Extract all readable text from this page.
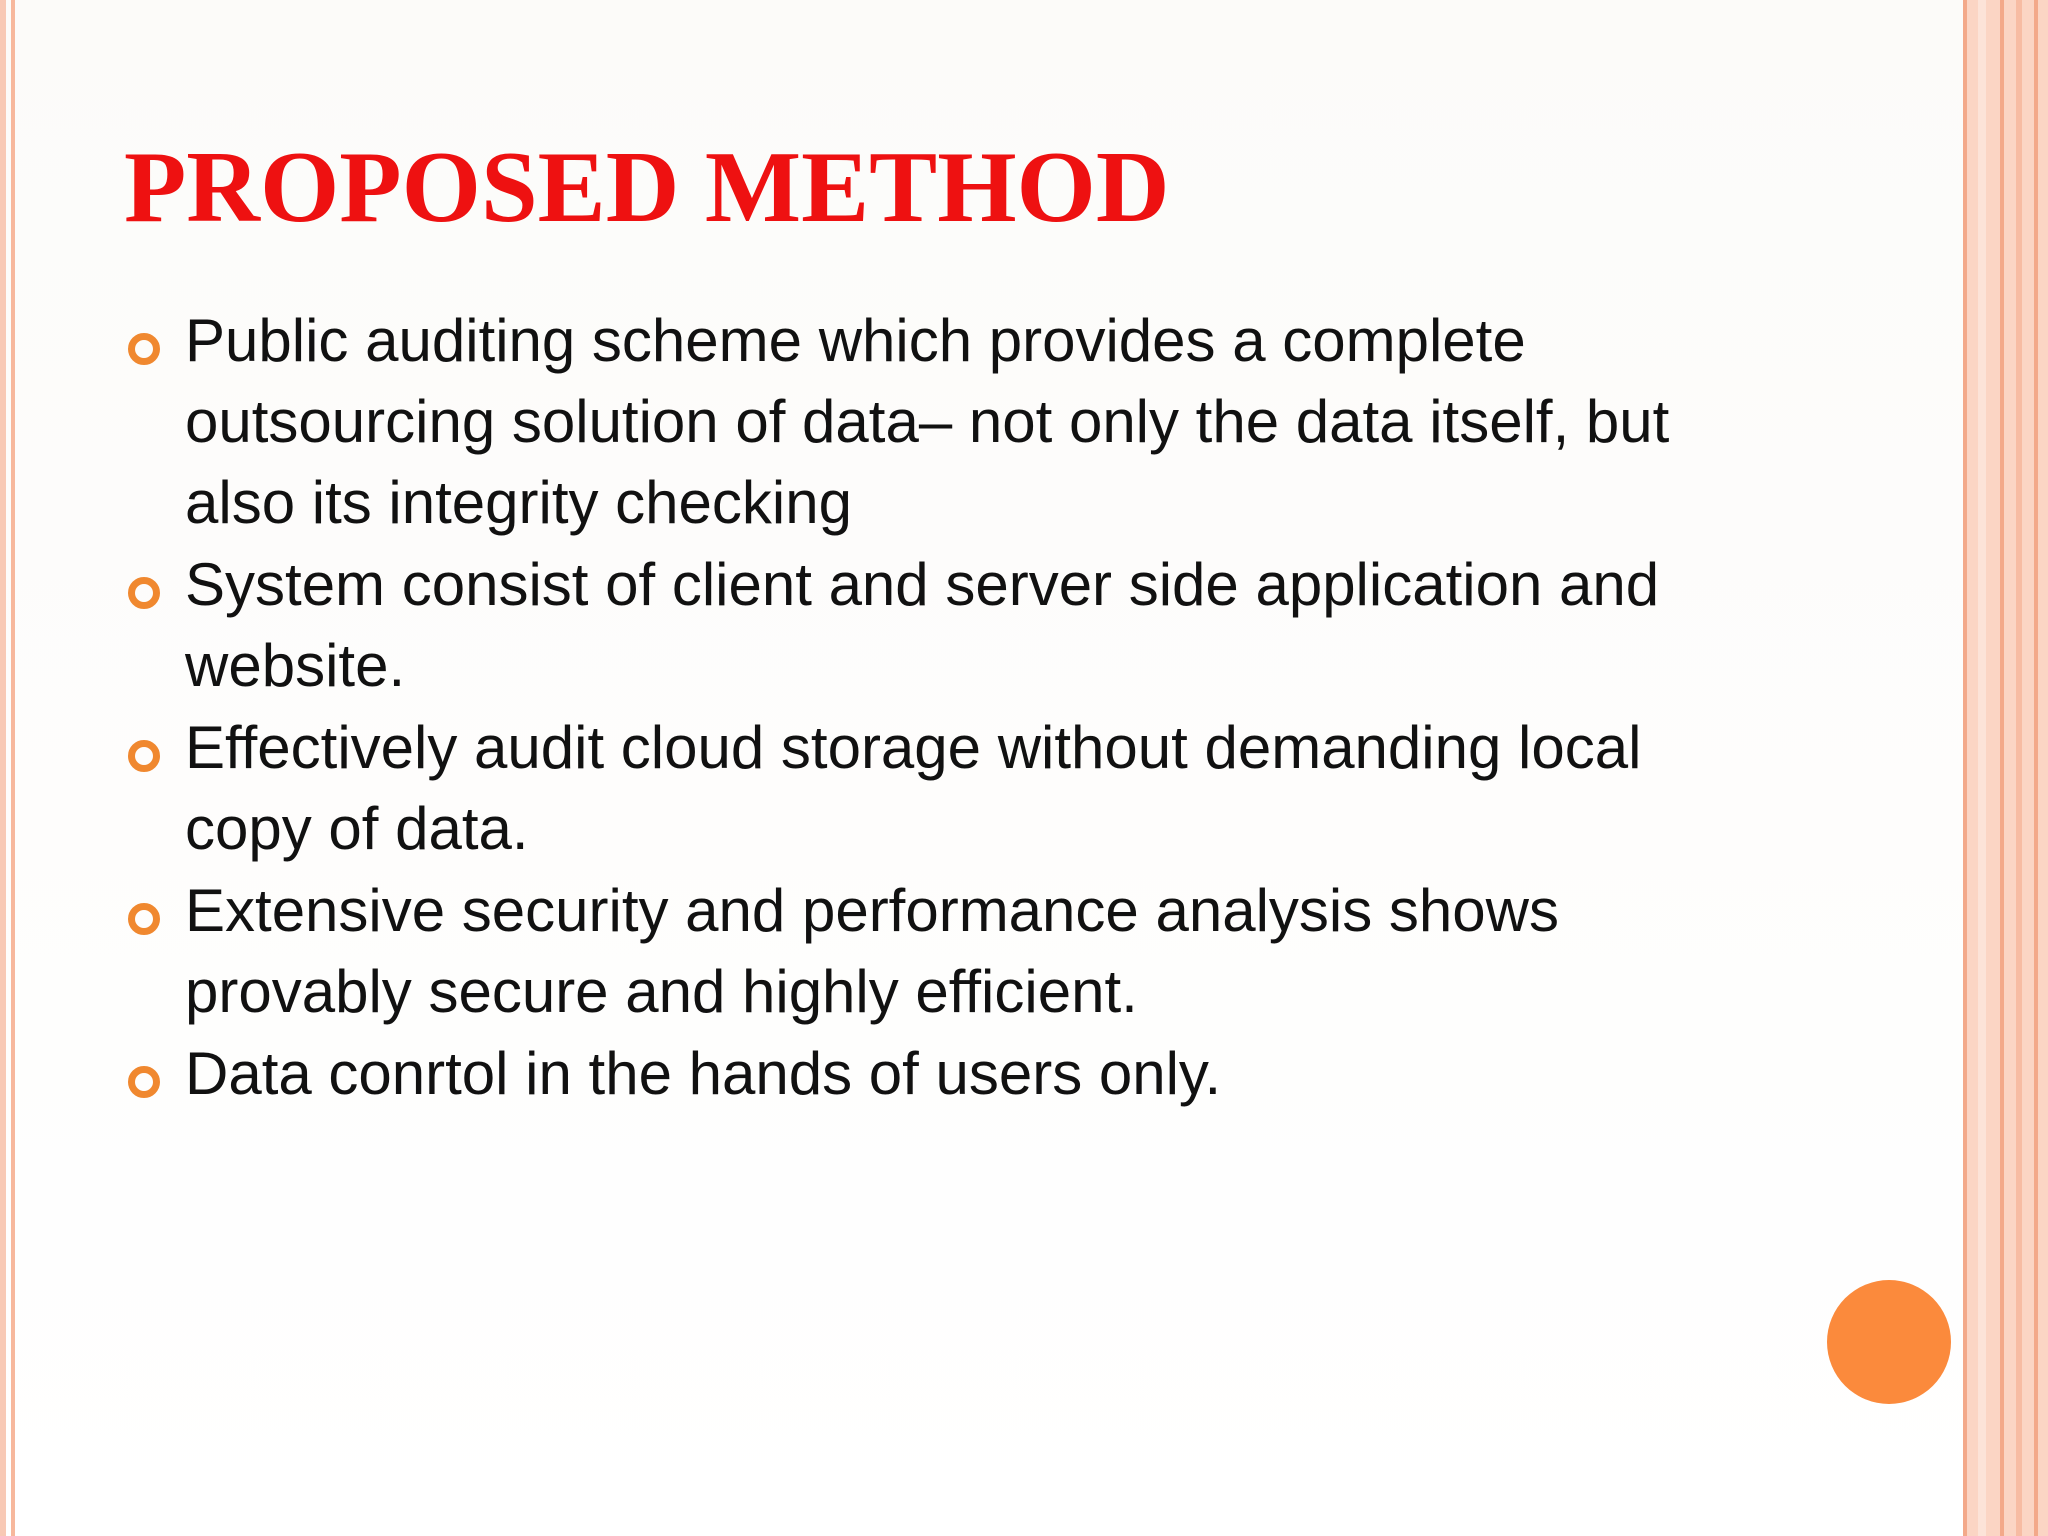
PROPOSED METHOD
Public auditing scheme which provides a complete outsourcing solution of data– not only the data itself, but also its integrity checking
System consist of client and server side application and website.
Effectively audit cloud storage without demanding local copy of data.
Extensive security and performance analysis shows provably secure and highly efficient.
Data conrtol in the hands of users only.
